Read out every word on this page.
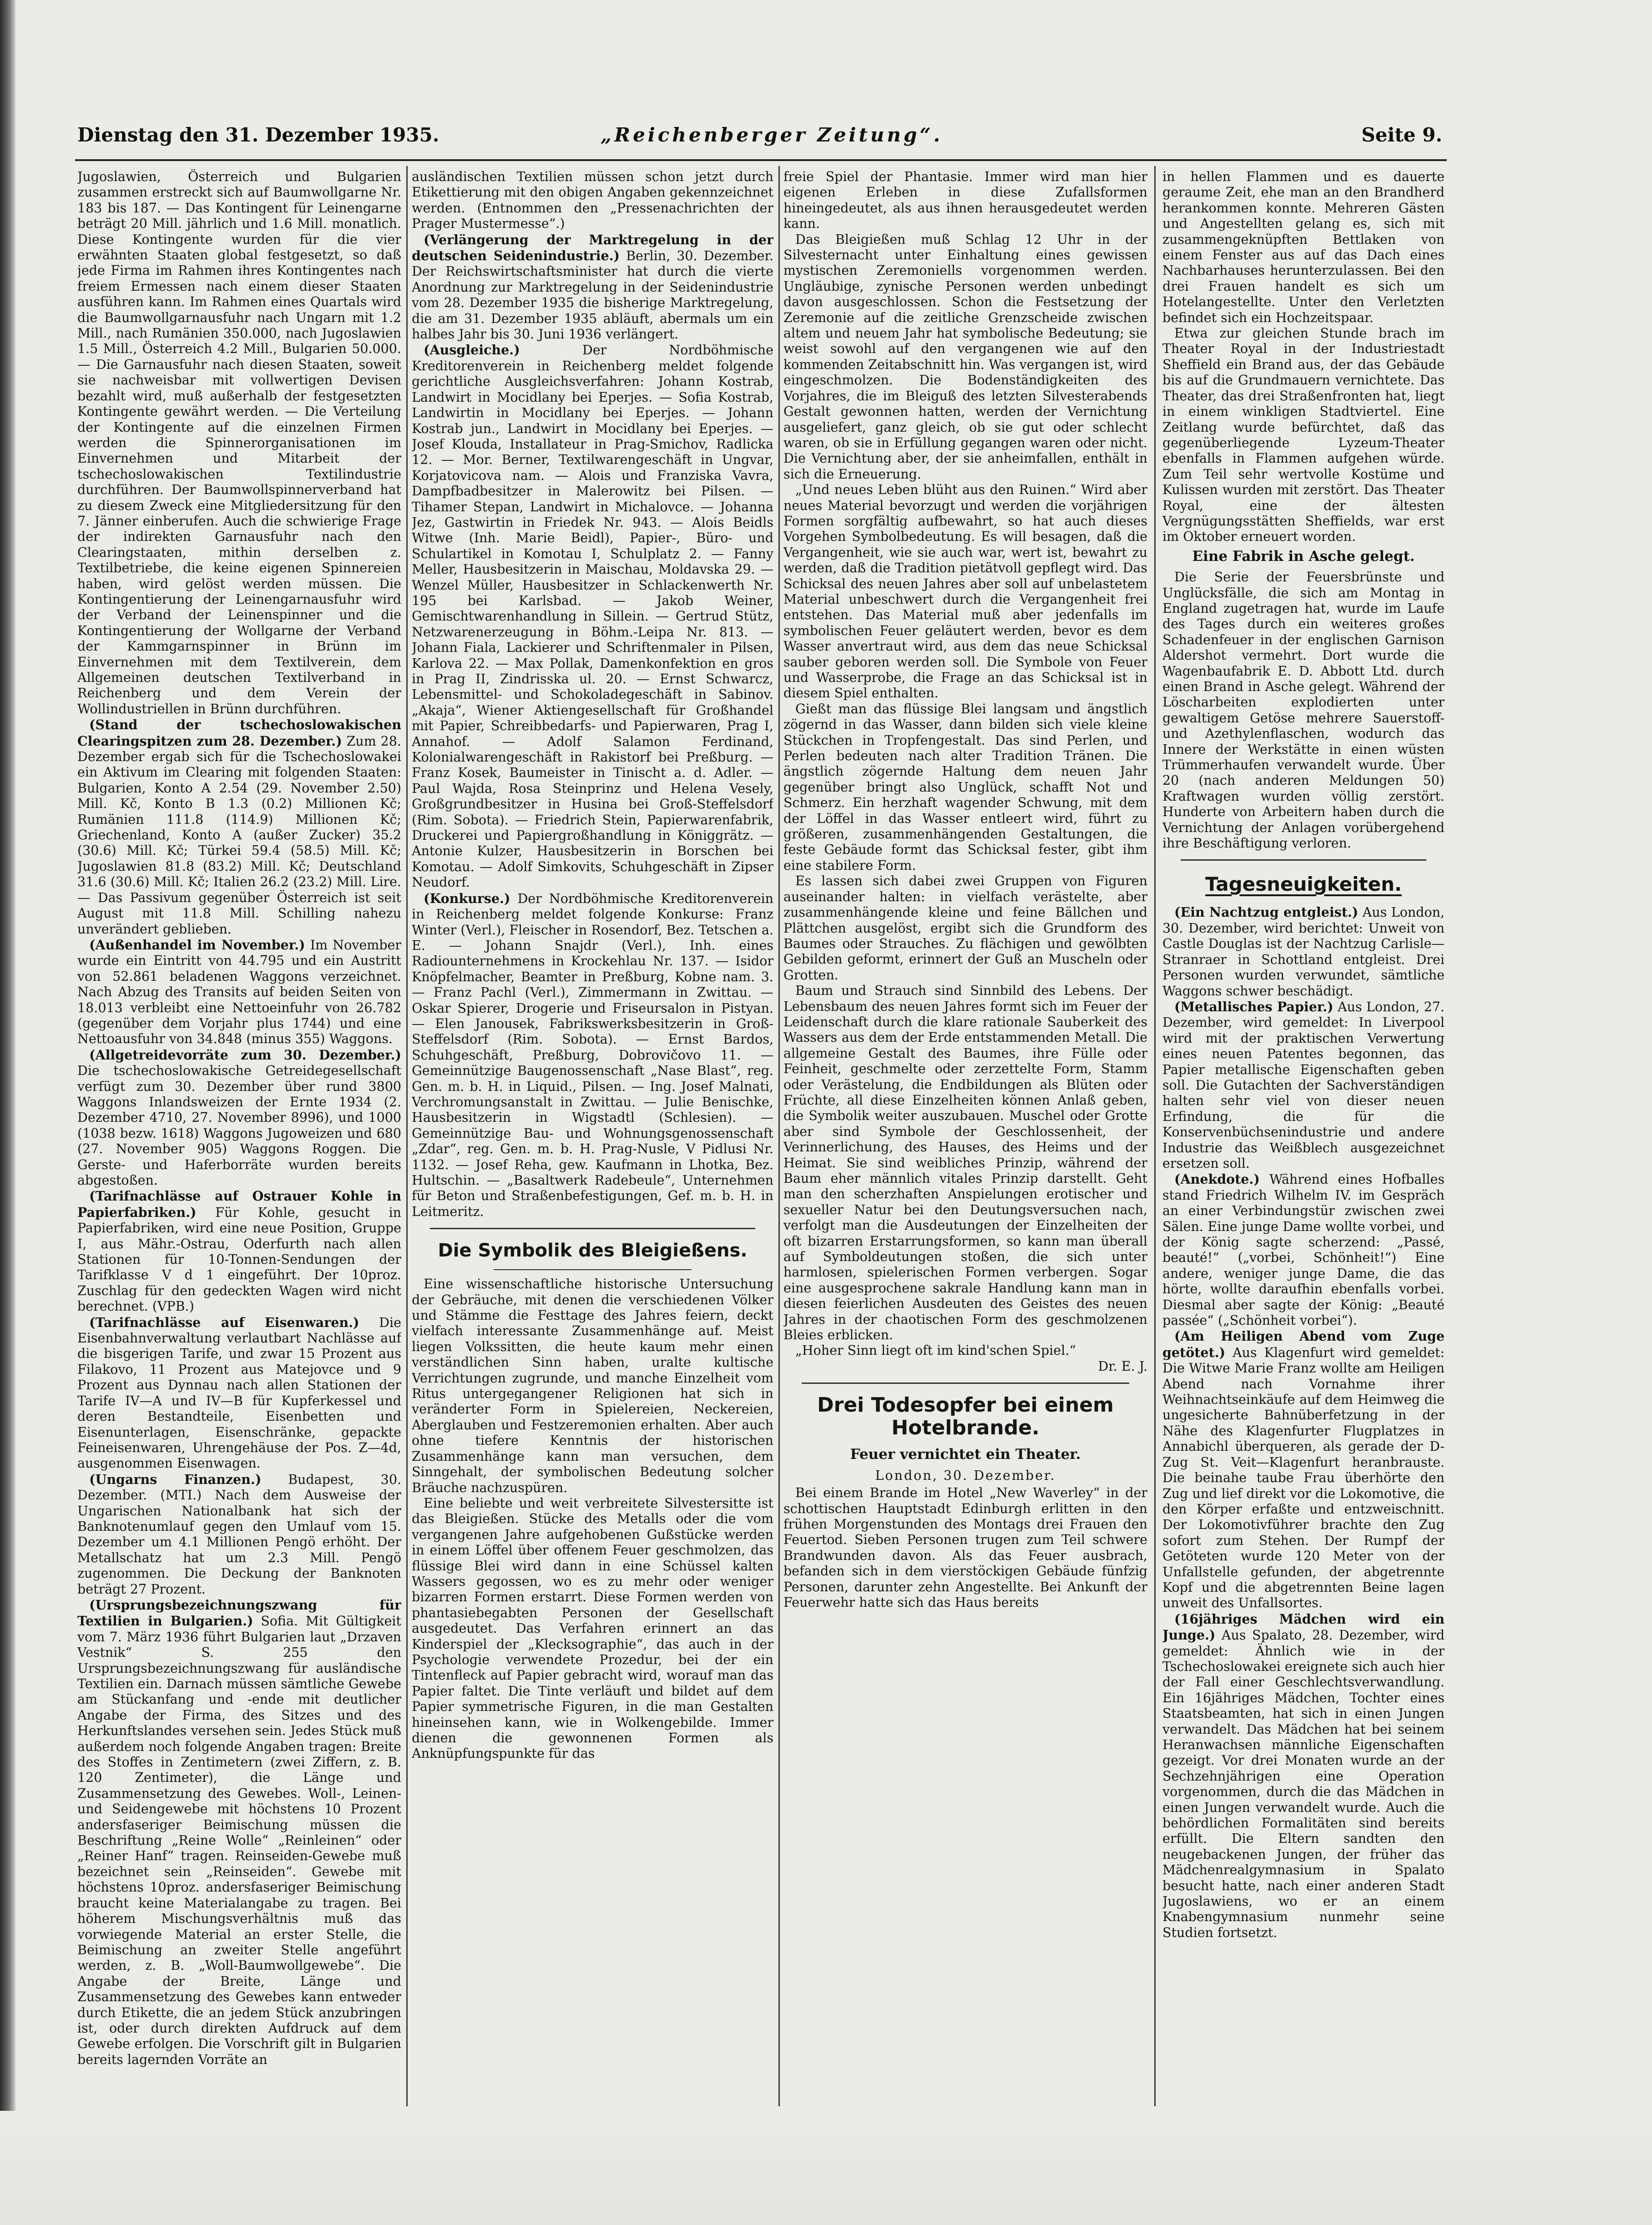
Dienstag den 31. Dezember 1935.	„Reichenberger Zeitung“.	Seite 9.

Jugoslawien, Österreich und Bulgarien zusammen erstreckt sich auf Baumwollgarne Nr. 183 bis 187. — Das Kontingent für Leinengarne beträgt 20 Mill. jährlich und 1.6 Mill. monatlich. Diese Kontingente wurden für die vier erwähnten Staaten global festgesetzt, so daß jede Firma im Rahmen ihres Kontingentes nach freiem Ermessen nach einem dieser Staaten ausführen kann. Im Rahmen eines Quartals wird die Baumwollgarnausfuhr nach Ungarn mit 1.2 Mill., nach Rumänien 350.000, nach Jugoslawien 1.5 Mill., Österreich 4.2 Mill., Bulgarien 50.000. — Die Garnausfuhr nach diesen Staaten, soweit sie nachweisbar mit vollwertigen Devisen bezahlt wird, muß außerhalb der festgesetzten Kontingente gewährt werden. — Die Verteilung der Kontingente auf die einzelnen Firmen werden die Spinnerorganisationen im Einvernehmen und Mitarbeit der tschechoslowakischen Textilindustrie durchführen. Der Baumwollspinnerverband hat zu diesem Zweck eine Mitgliedersitzung für den 7. Jänner einberufen. Auch die schwierige Frage der indirekten Garnausfuhr nach den Clearingstaaten, mithin derselben z. Textilbetriebe, die keine eigenen Spinnereien haben, wird gelöst werden müssen. Die Kontingentierung der Leinengarnausfuhr wird der Verband der Leinenspinner und die Kontingentierung der Wollgarne der Verband der Kammgarnspinner in Brünn im Einvernehmen mit dem Textilverein, dem Allgemeinen deutschen Textilverband in Reichenberg und dem Verein der Wollindustriellen in Brünn durchführen.

(Stand der tschechoslowakischen Clearingspitzen zum 28. Dezember.) Zum 28. Dezember ergab sich für die Tschechoslowakei ein Aktivum im Clearing mit folgenden Staaten: Bulgarien, Konto A 2.54 (29. November 2.50) Mill. Kč, Konto B 1.3 (0.2) Millionen Kč; Rumänien 111.8 (114.9) Millionen Kč; Griechenland, Konto A (außer Zucker) 35.2 (30.6) Mill. Kč; Türkei 59.4 (58.5) Mill. Kč; Jugoslawien 81.8 (83.2) Mill. Kč; Deutschland 31.6 (30.6) Mill. Kč; Italien 26.2 (23.2) Mill. Lire. — Das Passivum gegenüber Österreich ist seit August mit 11.8 Mill. Schilling nahezu unverändert geblieben.

(Außenhandel im November.) Im November wurde ein Eintritt von 44.795 und ein Austritt von 52.861 beladenen Waggons verzeichnet. Nach Abzug des Transits auf beiden Seiten von 18.013 verbleibt eine Nettoeinfuhr von 26.782 (gegenüber dem Vorjahr plus 1744) und eine Nettoausfuhr von 34.848 (minus 355) Waggons.

(Allgetreidevorräte zum 30. Dezember.) Die tschechoslowakische Getreidegesellschaft verfügt zum 30. Dezember über rund 3800 Waggons Inlandsweizen der Ernte 1934 (2. Dezember 4710, 27. November 8996), und 1000 (1038 bezw. 1618) Waggons Jugoweizen und 680 (27. November 905) Waggons Roggen. Die Gerste- und Haferborräte wurden bereits abgestoßen.

(Tarifnachlässe auf Ostrauer Kohle in Papierfabriken.) Für Kohle, gesucht in Papierfabriken, wird eine neue Position, Gruppe I, aus Mähr.-Ostrau, Oderfurth nach allen Stationen für 10-Tonnen-Sendungen der Tarifklasse V d 1 eingeführt. Der 10proz. Zuschlag für den gedeckten Wagen wird nicht berechnet. (VPB.)

(Tarifnachlässe auf Eisenwaren.) Die Eisenbahnverwaltung verlautbart Nachlässe auf die bisgerigen Tarife, und zwar 15 Prozent aus Filakovo, 11 Prozent aus Matejovce und 9 Prozent aus Dynnau nach allen Stationen der Tarife IV—A und IV—B für Kupferkessel und deren Bestandteile, Eisenbetten und Eisenunterlagen, Eisenschränke, gepackte Feineisenwaren, Uhrengehäuse der Pos. Z—4d, ausgenommen Eisenwagen.

(Ungarns Finanzen.) Budapest, 30. Dezember. (MTI.) Nach dem Ausweise der Ungarischen Nationalbank hat sich der Banknotenumlauf gegen den Umlauf vom 15. Dezember um 4.1 Millionen Pengö erhöht. Der Metallschatz hat um 2.3 Mill. Pengö zugenommen. Die Deckung der Banknoten beträgt 27 Prozent.

(Ursprungsbezeichnungszwang für Textilien in Bulgarien.) Sofia. Mit Gültigkeit vom 7. März 1936 führt Bulgarien laut „Drzaven Vestnik“ S. 255 den Ursprungsbezeichnungszwang für ausländische Textilien ein. Darnach müssen sämtliche Gewebe am Stückanfang und -ende mit deutlicher Angabe der Firma, des Sitzes und des Herkunftslandes versehen sein. Jedes Stück muß außerdem noch folgende Angaben tragen: Breite des Stoffes in Zentimetern (zwei Ziffern, z. B. 120 Zentimeter), die Länge und Zusammensetzung des Gewebes. Woll-, Leinen- und Seidengewebe mit höchstens 10 Prozent andersfaseriger Beimischung müssen die Beschriftung „Reine Wolle“ „Reinleinen“ oder „Reiner Hanf“ tragen. Reinseiden-Gewebe muß bezeichnet sein „Reinseiden“. Gewebe mit höchstens 10proz. andersfaseriger Beimischung braucht keine Materialangabe zu tragen. Bei höherem Mischungsverhältnis muß das vorwiegende Material an erster Stelle, die Beimischung an zweiter Stelle angeführt werden, z. B. „Woll-Baumwollgewebe“. Die Angabe der Breite, Länge und Zusammensetzung des Gewebes kann entweder durch Etikette, die an jedem Stück anzubringen ist, oder durch direkten Aufdruck auf dem Gewebe erfolgen. Die Vorschrift gilt in Bulgarien bereits lagernden Vorräte an

ausländischen Textilien müssen schon jetzt durch Etikettierung mit den obigen Angaben gekennzeichnet werden. (Entnommen den „Pressenachrichten der Prager Mustermesse“.)

(Verlängerung der Marktregelung in der deutschen Seidenindustrie.) Berlin, 30. Dezember. Der Reichswirtschaftsminister hat durch die vierte Anordnung zur Marktregelung in der Seidenindustrie vom 28. Dezember 1935 die bisherige Marktregelung, die am 31. Dezember 1935 abläuft, abermals um ein halbes Jahr bis 30. Juni 1936 verlängert.

(Ausgleiche.)	Der Nordböhmische Kreditorenverein in Reichenberg meldet folgende gerichtliche Ausgleichsverfahren: Johann Kostrab, Landwirt in Mocidlany bei Eperjes. — Sofia Kostrab, Landwirtin in Mocidlany bei Eperjes. — Johann Kostrab jun., Landwirt in Mocidlany bei Eperjes. — Josef Klouda, Installateur in Prag-Smichov, Radlicka 12. — Mor. Berner, Textilwarengeschäft in Ungvar, Korjatovicova nam. — Alois und Franziska Vavra, Dampfbadbesitzer in Malerowitz bei Pilsen. — Tihamer Stepan, Landwirt in Michalovce. — Johanna Jez, Gastwirtin in Friedek Nr. 943. — Alois Beidls Witwe (Inh. Marie Beidl), Papier-, Büro- und Schulartikel in Komotau I, Schulplatz 2. — Fanny Meller, Hausbesitzerin in Maischau, Moldavska 29. — Wenzel Müller, Hausbesitzer in Schlackenwerth Nr. 195 bei Karlsbad. — Jakob Weiner, Gemischtwarenhandlung in Sillein. — Gertrud Stütz, Netzwarenerzeugung in Böhm.-Leipa Nr. 813. — Johann Fiala, Lackierer und Schriftenmaler in Pilsen, Karlova 22. — Max Pollak, Damenkonfektion en gros in Prag II, Zindrisska ul. 20. — Ernst Schwarcz, Lebensmittel- und Schokoladegeschäft in Sabinov. „Akaja“, Wiener Aktiengesellschaft für Großhandel mit Papier, Schreibbedarfs- und Papierwaren, Prag I, Annahof. — Adolf Salamon Ferdinand, Kolonialwarengeschäft in Rakistorf bei Preßburg. — Franz Kosek, Baumeister in Tinischt a. d. Adler. — Paul Wajda, Rosa Steinprinz und Helena Vesely, Großgrundbesitzer in Husina bei Groß-Steffelsdorf (Rim. Sobota). — Friedrich Stein, Papierwarenfabrik, Druckerei und Papiergroßhandlung in Königgrätz. — Antonie Kulzer, Hausbesitzerin in Borschen bei Komotau. — Adolf Simkovits, Schuhgeschäft in Zipser Neudorf.

(Konkurse.) Der Nordböhmische Kreditorenverein in Reichenberg meldet folgende Konkurse: Franz Winter (Verl.), Fleischer in Rosendorf, Bez. Tetschen a. E. — Johann Snajdr (Verl.), Inh. eines Radiounternehmens in Krockehlau Nr. 137. — Isidor Knöpfelmacher, Beamter in Preßburg, Kobne nam. 3. — Franz Pachl (Verl.), Zimmermann in Zwittau. — Oskar Spierer, Drogerie und Friseursalon in Pistyan. — Elen Janousek, Fabrikswerksbesitzerin in Groß-Steffelsdorf (Rim. Sobota). — Ernst Bardos, Schuhgeschäft, Preßburg, Dobrovičovo 11. — Gemeinnützige Baugenossenschaft „Nase Blast“, reg. Gen. m. b. H. in Liquid., Pilsen. — Ing. Josef Malnati, Verchromungsanstalt in Zwittau. — Julie Benischke, Hausbesitzerin in Wigstadtl (Schlesien). — Gemeinnützige Bau- und Wohnungsgenossenschaft „Zdar“, reg. Gen. m. b. H. Prag-Nusle, V Pidlusi Nr. 1132. — Josef Reha, gew. Kaufmann in Lhotka, Bez. Hultschin. — „Basaltwerk Radebeule“, Unternehmen für Beton und Straßenbefestigungen, Gef. m. b. H. in Leitmeritz.

Die Symbolik des Bleigießens.

Eine wissenschaftliche historische Untersuchung der Gebräuche, mit denen die verschiedenen Völker und Stämme die Festtage des Jahres feiern, deckt vielfach interessante Zusammenhänge auf. Meist liegen Volkssitten, die heute kaum mehr einen verständlichen Sinn haben, uralte kultische Verrichtungen zugrunde, und manche Einzelheit vom Ritus untergegangener Religionen hat sich in veränderter Form in Spielereien, Neckereien, Aberglauben und Festzeremonien erhalten. Aber auch ohne tiefere Kenntnis der historischen Zusammenhänge kann man versuchen, dem Sinngehalt, der symbolischen Bedeutung solcher Bräuche nachzuspüren.

Eine beliebte und weit verbreitete Silvestersitte ist das Bleigießen. Stücke des Metalls oder die vom vergangenen Jahre aufgehobenen Gußstücke werden in einem Löffel über offenem Feuer geschmolzen, das flüssige Blei wird dann in eine Schüssel kalten Wassers gegossen, wo es zu mehr oder weniger bizarren Formen erstarrt. Diese Formen werden von phantasiebegabten Personen der Gesellschaft ausgedeutet. Das Verfahren erinnert an das Kinderspiel der „Klecksographie“, das auch in der Psychologie verwendete Prozedur, bei der ein Tintenfleck auf Papier gebracht wird, worauf man das Papier faltet. Die Tinte verläuft und bildet auf dem Papier symmetrische Figuren, in die man Gestalten hineinsehen kann, wie in Wolkengebilde. Immer dienen die gewonnenen Formen als Anknüpfungspunkte für das

freie Spiel der Phantasie. Immer wird man hier eigenen Erleben in diese Zufallsformen hineingedeutet, als aus ihnen herausgedeutet werden kann.

Das Bleigießen muß Schlag 12 Uhr in der Silvesternacht unter Einhaltung eines gewissen mystischen Zeremoniells vorgenommen werden. Ungläubige, zynische Personen werden unbedingt davon ausgeschlossen. Schon die Festsetzung der Zeremonie auf die zeitliche Grenzscheide zwischen altem und neuem Jahr hat symbolische Bedeutung; sie weist sowohl auf den vergangenen wie auf den kommenden Zeitabschnitt hin. Was vergangen ist, wird eingeschmolzen. Die Bodenständigkeiten des Vorjahres, die im Bleiguß des letzten Silvesterabends Gestalt gewonnen hatten, werden der Vernichtung ausgeliefert, ganz gleich, ob sie gut oder schlecht waren, ob sie in Erfüllung gegangen waren oder nicht. Die Vernichtung aber, der sie anheimfallen, enthält in sich die Erneuerung.

„Und neues Leben blüht aus den Ruinen.“ Wird aber neues Material bevorzugt und werden die vorjährigen Formen sorgfältig aufbewahrt, so hat auch dieses Vorgehen Symbolbedeutung. Es will besagen, daß die Vergangenheit, wie sie auch war, wert ist, bewahrt zu werden, daß die Tradition pietätvoll gepflegt wird. Das Schicksal des neuen Jahres aber soll auf unbelastetem Material unbeschwert durch die Vergangenheit frei entstehen. Das Material muß aber jedenfalls im symbolischen Feuer geläutert werden, bevor es dem Wasser anvertraut wird, aus dem das neue Schicksal sauber geboren werden soll. Die Symbole von Feuer und Wasserprobe, die Frage an das Schicksal ist in diesem Spiel enthalten.

Gießt man das flüssige Blei langsam und ängstlich zögernd in das Wasser, dann bilden sich viele kleine Stückchen in Tropfengestalt. Das sind Perlen, und Perlen bedeuten nach alter Tradition Tränen. Die ängstlich zögernde Haltung dem neuen Jahr gegenüber bringt also Unglück, schafft Not und Schmerz. Ein herzhaft wagender Schwung, mit dem der Löffel in das Wasser entleert wird, führt zu größeren, zusammenhängenden Gestaltungen, die feste Gebäude formt das Schicksal fester, gibt ihm eine stabilere Form.

Es lassen sich dabei zwei Gruppen von Figuren auseinander halten: in vielfach verästelte, aber zusammenhängende kleine und feine Bällchen und Plättchen ausgelöst, ergibt sich die Grundform des Baumes oder Strauches. Zu flächigen und gewölbten Gebilden geformt, erinnert der Guß an Muscheln oder Grotten.

Baum und Strauch sind Sinnbild des Lebens. Der Lebensbaum des neuen Jahres formt sich im Feuer der Leidenschaft durch die klare rationale Sauberkeit des Wassers aus dem der Erde entstammenden Metall. Die allgemeine Gestalt des Baumes, ihre Fülle oder Feinheit, geschmelte oder zerzettelte Form, Stamm oder Verästelung, die Endbildungen als Blüten oder Früchte, all diese Einzelheiten können Anlaß geben, die Symbolik weiter auszubauen. Muschel oder Grotte aber sind Symbole der Geschlossenheit, der Verinnerlichung, des Hauses, des Heims und der Heimat. Sie sind weibliches Prinzip, während der Baum eher männlich vitales Prinzip darstellt. Geht man den scherzhaften Anspielungen erotischer und sexueller Natur bei den Deutungsversuchen nach, verfolgt man die Ausdeutungen der Einzelheiten der oft bizarren Erstarrungsformen, so kann man überall auf Symboldeutungen stoßen, die sich unter harmlosen, spielerischen Formen verbergen. Sogar eine ausgesprochene sakrale Handlung kann man in diesen feierlichen Ausdeuten des Geistes des neuen Jahres in der chaotischen Form des geschmolzenen Bleies erblicken.

„Hoher Sinn liegt oft im kind'schen Spiel.“

Dr. E. J.

Drei Todesopfer bei einem Hotelbrande.
Feuer vernichtet ein Theater.
London, 30. Dezember.

Bei einem Brande im Hotel „New Waverley“ in der schottischen Hauptstadt Edinburgh erlitten in den frühen Morgenstunden des Montags drei Frauen den Feuertod. Sieben Personen trugen zum Teil schwere Brandwunden davon. Als das Feuer ausbrach, befanden sich in dem vierstöckigen Gebäude fünfzig Personen, darunter zehn Angestellte. Bei Ankunft der Feuerwehr hatte sich das Haus bereits

in hellen Flammen und es dauerte geraume Zeit, ehe man an den Brandherd herankommen konnte. Mehreren Gästen und Angestellten gelang es, sich mit zusammengeknüpften Bettlaken von einem Fenster aus auf das Dach eines Nachbarhauses herunterzulassen. Bei den drei Frauen handelt es sich um Hotelangestellte. Unter den Verletzten befindet sich ein Hochzeitspaar.

Etwa zur gleichen Stunde brach im Theater Royal in der Industriestadt Sheffield ein Brand aus, der das Gebäude bis auf die Grundmauern vernichtete. Das Theater, das drei Straßenfronten hat, liegt in einem winkligen Stadtviertel. Eine Zeitlang wurde befürchtet, daß das gegenüberliegende Lyzeum-Theater ebenfalls in Flammen aufgehen würde. Zum Teil sehr wertvolle Kostüme und Kulissen wurden mit zerstört. Das Theater Royal, eine der ältesten Vergnügungsstätten Sheffields, war erst im Oktober erneuert worden.

Eine Fabrik in Asche gelegt.

Die Serie der Feuersbrünste und Unglücksfälle, die sich am Montag in England zugetragen hat, wurde im Laufe des Tages durch ein weiteres großes Schadenfeuer in der englischen Garnison Aldershot vermehrt. Dort wurde die Wagenbaufabrik E. D. Abbott Ltd. durch einen Brand in Asche gelegt. Während der Löscharbeiten explodierten unter gewaltigem Getöse mehrere Sauerstoff- und Azethylenflaschen, wodurch das Innere der Werkstätte in einen wüsten Trümmerhaufen verwandelt wurde. Über 20 (nach anderen Meldungen 50) Kraftwagen wurden völlig zerstört. Hunderte von Arbeitern haben durch die Vernichtung der Anlagen vorübergehend ihre Beschäftigung verloren.

Tagesneuigkeiten.

(Ein Nachtzug entgleist.) Aus London, 30. Dezember, wird berichtet: Unweit von Castle Douglas ist der Nachtzug Carlisle—Stranraer in Schottland entgleist. Drei Personen wurden verwundet, sämtliche Waggons schwer beschädigt.

(Metallisches Papier.) Aus London, 27. Dezember, wird gemeldet: In Liverpool wird mit der praktischen Verwertung eines neuen Patentes begonnen, das Papier metallische Eigenschaften geben soll. Die Gutachten der Sachverständigen halten sehr viel von dieser neuen Erfindung, die für die Konservenbüchsenindustrie und andere Industrie das Weißblech ausgezeichnet ersetzen soll.

(Anekdote.) Während eines Hofballes stand Friedrich Wilhelm IV. im Gespräch an einer Verbindungstür zwischen zwei Sälen. Eine junge Dame wollte vorbei, und der König sagte scherzend: „Passé, beauté!“ („vorbei, Schönheit!“) Eine andere, weniger junge Dame, die das hörte, wollte daraufhin ebenfalls vorbei. Diesmal aber sagte der König: „Beauté passée“ („Schönheit vorbei“).

(Am Heiligen Abend vom Zuge getötet.) Aus Klagenfurt wird gemeldet: Die Witwe Marie Franz wollte am Heiligen Abend nach Vornahme ihrer Weihnachtseinkäufe auf dem Heimweg die ungesicherte Bahnüberfetzung in der Nähe des Klagenfurter Flugplatzes in Annabichl überqueren, als gerade der D-Zug St. Veit—Klagenfurt heranbrauste. Die beinahe taube Frau überhörte den Zug und lief direkt vor die Lokomotive, die den Körper erfaßte und entzweischnitt. Der Lokomotivführer brachte den Zug sofort zum Stehen. Der Rumpf der Getöteten wurde 120 Meter von der Unfallstelle gefunden, der abgetrennte Kopf und die abgetrennten Beine lagen unweit des Unfallsortes.

(16jähriges Mädchen wird ein Junge.) Aus Spalato, 28. Dezember, wird gemeldet: Ähnlich wie in der Tschechoslowakei ereignete sich auch hier der Fall einer Geschlechtsverwandlung. Ein 16jähriges Mädchen, Tochter eines Staatsbeamten, hat sich in einen Jungen verwandelt. Das Mädchen hat bei seinem Heranwachsen männliche Eigenschaften gezeigt. Vor drei Monaten wurde an der Sechzehnjährigen eine Operation vorgenommen, durch die das Mädchen in einen Jungen verwandelt wurde. Auch die behördlichen Formalitäten sind bereits erfüllt. Die Eltern sandten den neugebackenen Jungen, der früher das Mädchenrealgymnasium in Spalato besucht hatte, nach einer anderen Stadt Jugoslawiens, wo er an einem Knabengymnasium nunmehr seine Studien fortsetzt.
